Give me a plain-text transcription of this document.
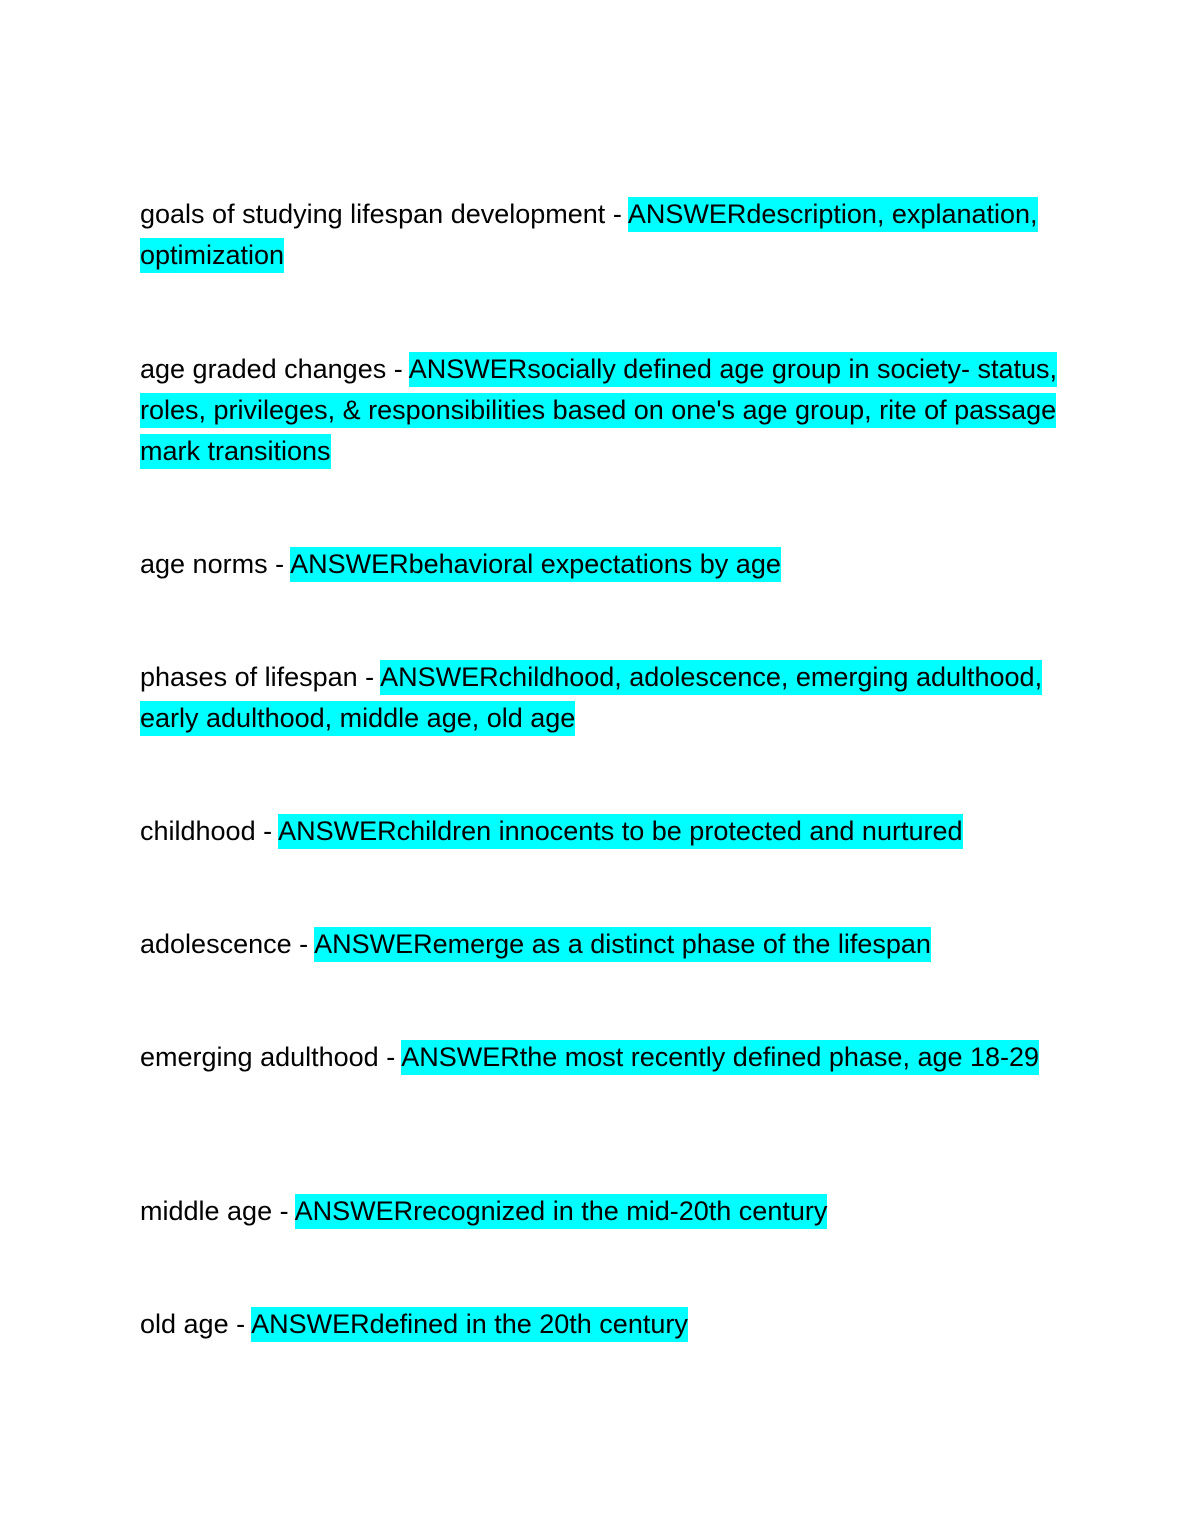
goals of studying lifespan development - ANSWERdescription, explanation, optimization

age graded changes - ANSWERsocially defined age group in society- status, roles, privileges, & responsibilities based on one's age group, rite of passage mark transitions

age norms - ANSWERbehavioral expectations by age

phases of lifespan - ANSWERchildhood, adolescence, emerging adulthood, early adulthood, middle age, old age

childhood - ANSWERchildren innocents to be protected and nurtured

adolescence - ANSWERemerge as a distinct phase of the lifespan

emerging adulthood - ANSWERthe most recently defined phase, age 18-29

middle age - ANSWERrecognized in the mid-20th century

old age - ANSWERdefined in the 20th century
